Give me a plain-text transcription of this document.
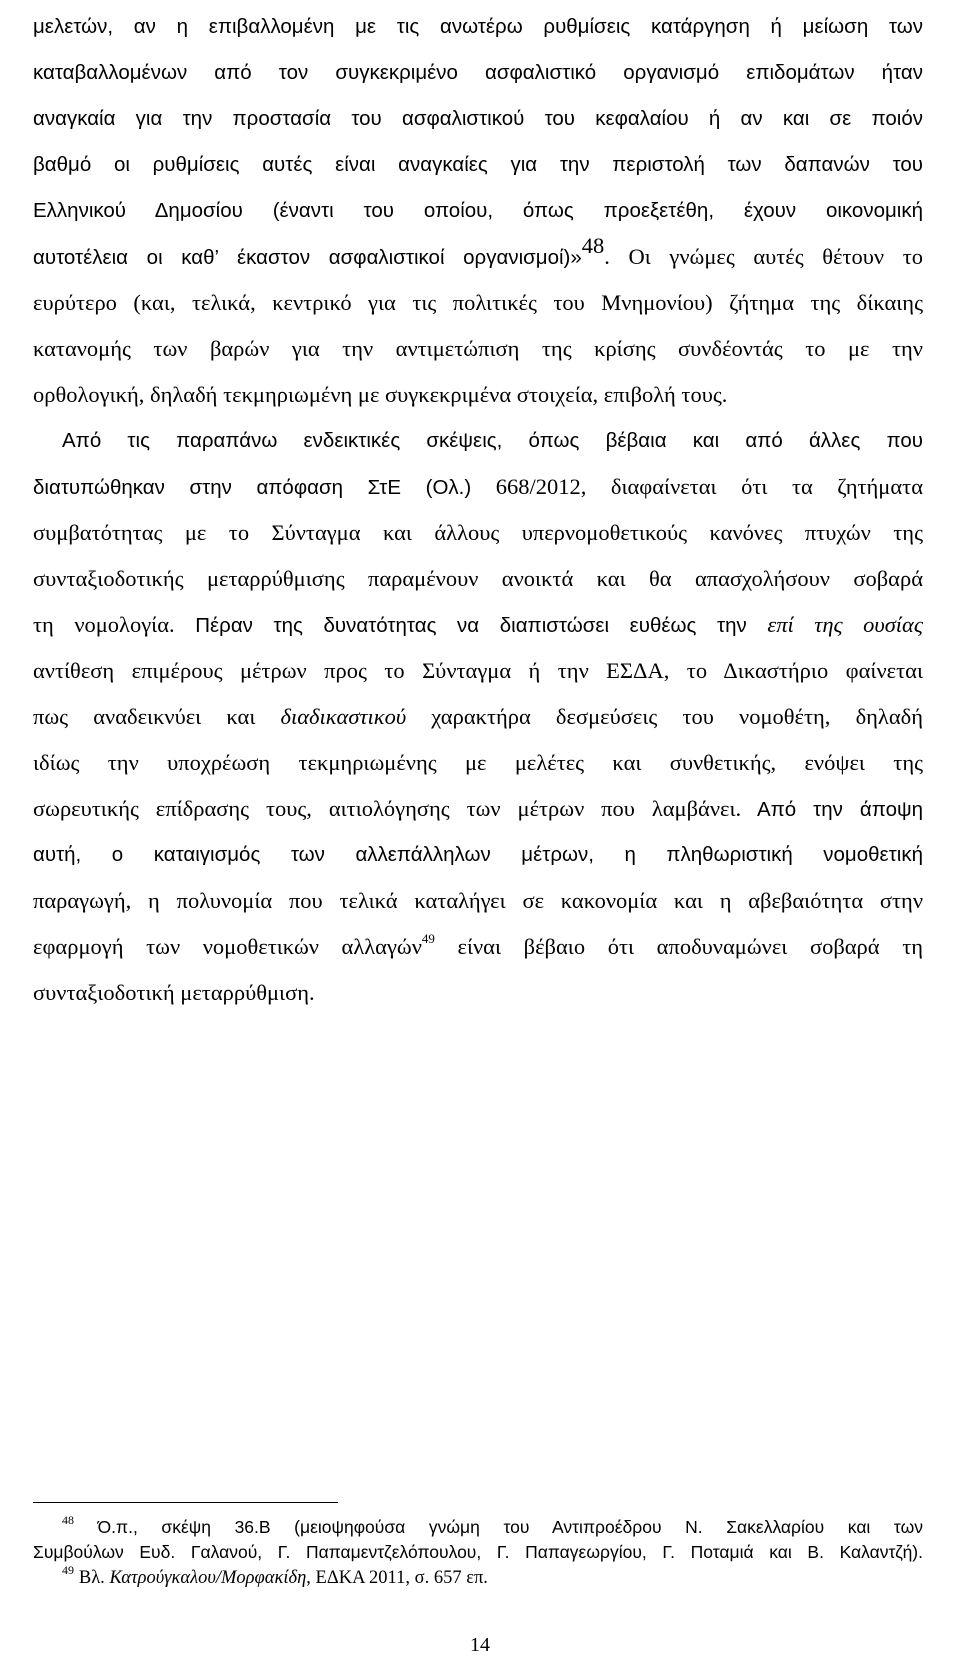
μελετών, αν η επιβαλλομένη με τις ανωτέρω ρυθμίσεις κατάργηση ή μείωση των
καταβαλλομένων από τον συγκεκριμένο ασφαλιστικό οργανισμό επιδομάτων ήταν
αναγκαία για την προστασία του ασφαλιστικού του κεφαλαίου ή αν και σε ποιόν
βαθμό οι ρυθμίσεις αυτές είναι αναγκαίες για την περιστολή των δαπανών του
Ελληνικού Δημοσίου (έναντι του οποίου, όπως προεξετέθη, έχουν οικονομική
αυτοτέλεια οι καθ’ έκαστον ασφαλιστικοί οργανισμοί)»$^{48}$. Οι γνώμες αυτές θέτουν το
ευρύτερο (και, τελικά, κεντρικό για τις πολιτικές του Μνημονίου) ζήτημα της δίκαιης
κατανομής των βαρών για την αντιμετώπιση της κρίσης συνδέοντάς το με την
ορθολογική, δηλαδή τεκμηριωμένη με συγκεκριμένα στοιχεία, επιβολή τους.
Από τις παραπάνω ενδεικτικές σκέψεις, όπως βέβαια και από άλλες που
διατυπώθηκαν στην απόφαση ΣτΕ (Ολ.) 668/2012, διαφαίνεται ότι τα ζητήματα
συμβατότητας με το Σύνταγμα και άλλους υπερνομοθετικούς κανόνες πτυχών της
συνταξιοδοτικής μεταρρύθμισης παραμένουν ανοικτά και θα απασχολήσουν σοβαρά
τη νομολογία. Πέραν της δυνατότητας να διαπιστώσει ευθέως την επί της ουσίας
αντίθεση επιμέρους μέτρων προς το Σύνταγμα ή την ΕΣΔΑ, το Δικαστήριο φαίνεται
πως αναδεικνύει και διαδικαστικού χαρακτήρα δεσμεύσεις του νομοθέτη, δηλαδή
ιδίως την υποχρέωση τεκμηριωμένης με μελέτες και συνθετικής, ενόψει της
σωρευτικής επίδρασης τους, αιτιολόγησης των μέτρων που λαμβάνει. Από την άποψη
αυτή, ο καταιγισμός των αλλεπάλληλων μέτρων, η πληθωριστική νομοθετική
παραγωγή, η πολυνομία που τελικά καταλήγει σε κακονομία και η αβεβαιότητα στην
εφαρμογή των νομοθετικών αλλαγών$^{49}$ είναι βέβαιο ότι αποδυναμώνει σοβαρά τη
συνταξιοδοτική μεταρρύθμιση.
$^{48}$ Ό.π., σκέψη 36.Β (μειοψηφούσα γνώμη του Αντιπροέδρου Ν. Σακελλαρίου και των
Συμβούλων Ευδ. Γαλανού, Γ. Παπαμεντζελόπουλου, Γ. Παπαγεωργίου, Γ. Ποταμιά και Β. Καλαντζή).
$^{49}$ Βλ. Κατρούγκαλου/Μορφακίδη, ΕΔΚΑ 2011, σ. 657 επ.
14
